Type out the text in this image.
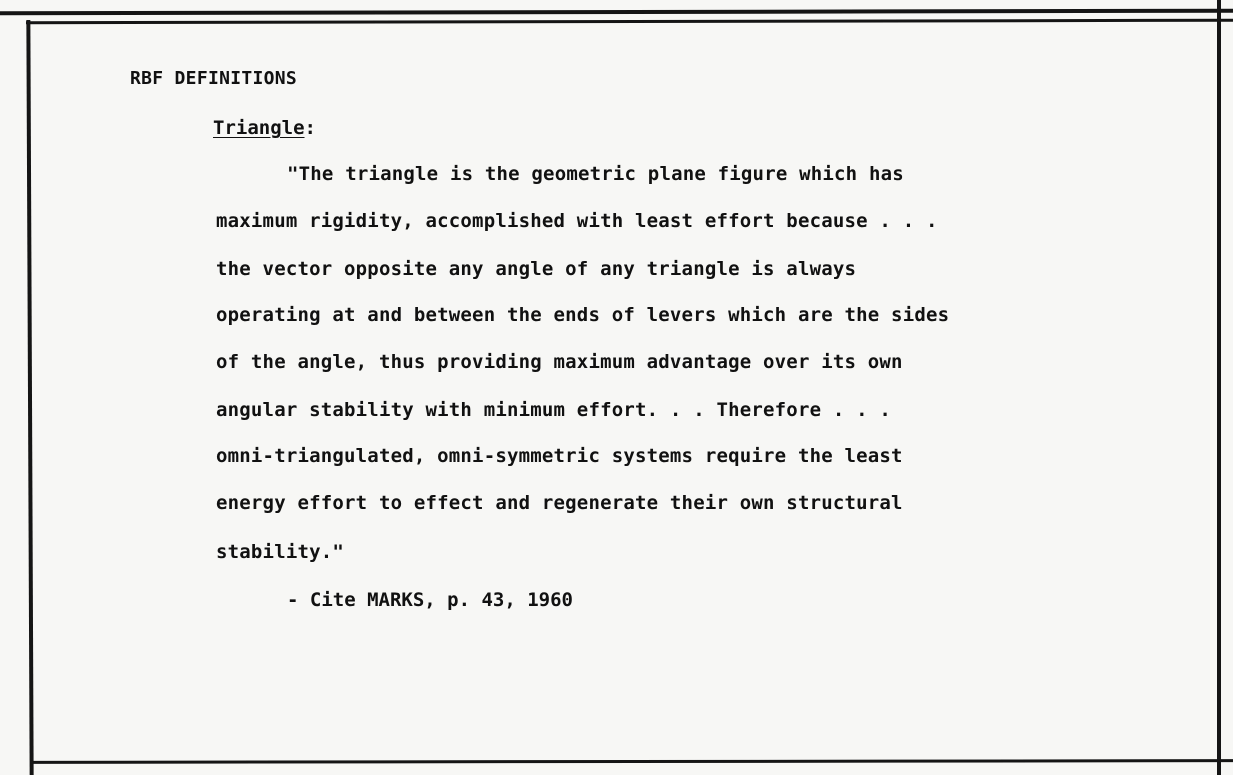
RBF DEFINITIONS
Triangle:
"The triangle is the geometric plane figure which has
maximum rigidity, accomplished with least effort because . . .
the vector opposite any angle of any triangle is always
operating at and between the ends of levers which are the sides
of the angle, thus providing maximum advantage over its own
angular stability with minimum effort. . . Therefore . . .
omni-triangulated, omni-symmetric systems require the least
energy effort to effect and regenerate their own structural
stability."
- Cite MARKS, p. 43, 1960
